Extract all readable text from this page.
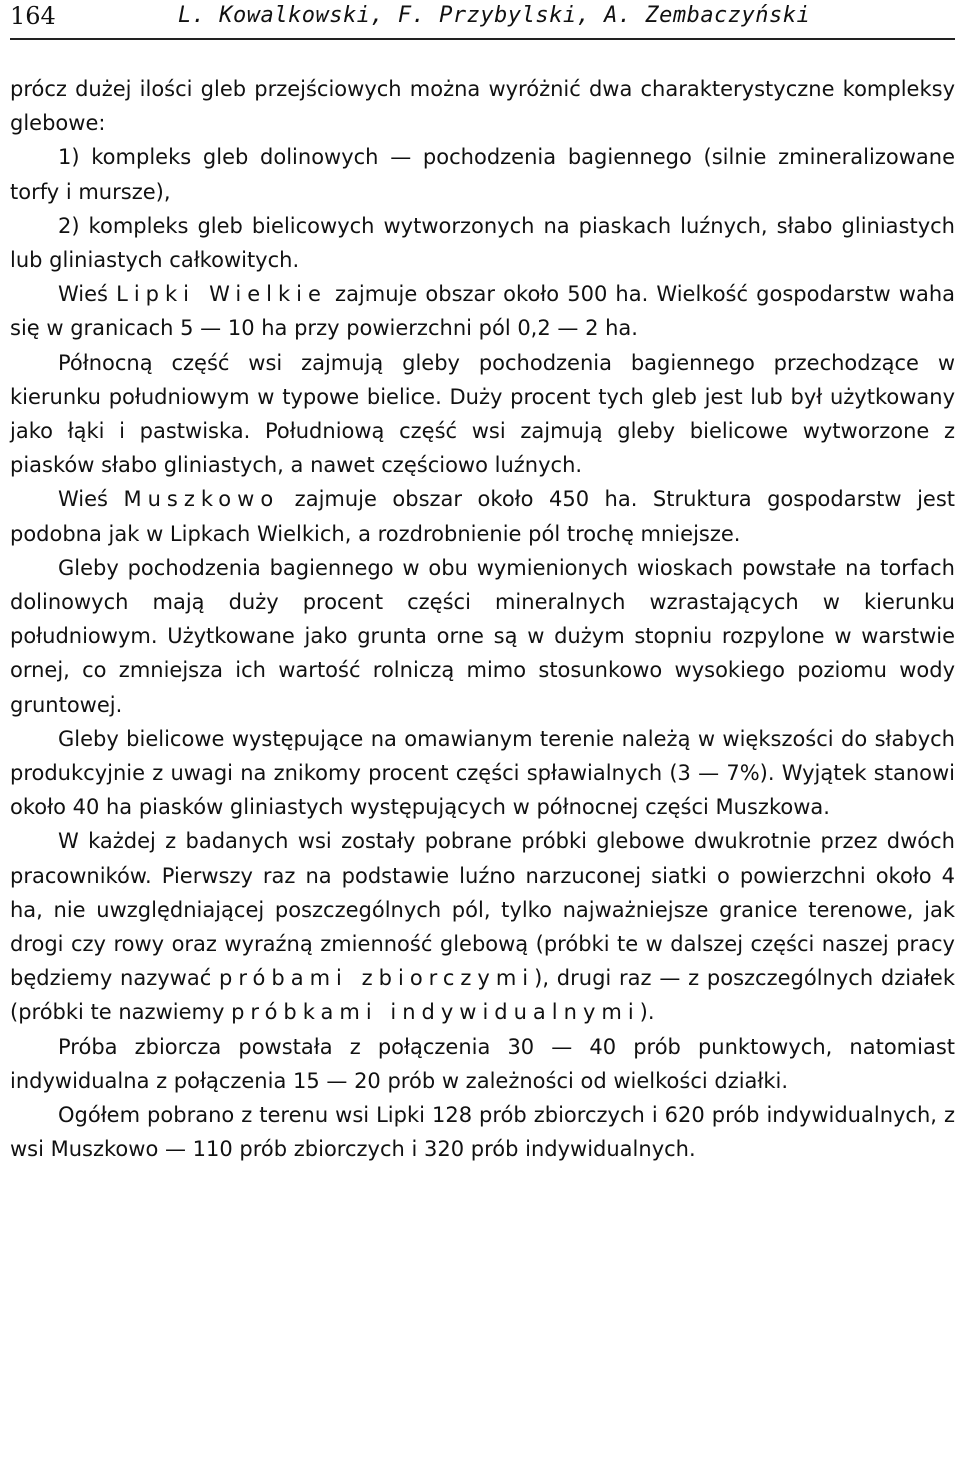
164	L. Kowalkowski, F. Przybylski, A. Zembaczyński

prócz dużej ilości gleb przejściowych można wyróżnić dwa charakterystyczne kompleksy glebowe:

1) kompleks gleb dolinowych — pochodzenia bagiennego (silnie zmineralizowane torfy i mursze),

2) kompleks gleb bielicowych wytworzonych na piaskach luźnych, słabo gliniastych lub gliniastych całkowitych.

Wieś Lipki Wielkie zajmuje obszar około 500 ha. Wielkość gospodarstw waha się w granicach 5 — 10 ha przy powierzchni pól 0,2 — 2 ha.

Północną część wsi zajmują gleby pochodzenia bagiennego przechodzące w kierunku południowym w typowe bielice. Duży procent tych gleb jest lub był użytkowany jako łąki i pastwiska. Południową część wsi zajmują gleby bielicowe wytworzone z piasków słabo gliniastych, a nawet częściowo luźnych.

Wieś Muszkowo zajmuje obszar około 450 ha. Struktura gospodarstw jest podobna jak w Lipkach Wielkich, a rozdrobnienie pól trochę mniejsze.

Gleby pochodzenia bagiennego w obu wymienionych wioskach powstałe na torfach dolinowych mają duży procent części mineralnych wzrastających w kierunku południowym. Użytkowane jako grunta orne są w dużym stopniu rozpylone w warstwie ornej, co zmniejsza ich wartość rolniczą mimo stosunkowo wysokiego poziomu wody gruntowej.

Gleby bielicowe występujące na omawianym terenie należą w większości do słabych produkcyjnie z uwagi na znikomy procent części spławialnych (3 — 7%). Wyjątek stanowi około 40 ha piasków gliniastych występujących w północnej części Muszkowa.

W każdej z badanych wsi zostały pobrane próbki glebowe dwukrotnie przez dwóch pracowników. Pierwszy raz na podstawie luźno narzuconej siatki o powierzchni około 4 ha, nie uwzględniającej poszczególnych pól, tylko najważniejsze granice terenowe, jak drogi czy rowy oraz wyraźną zmienność glebową (próbki te w dalszej części naszej pracy będziemy nazywać próbami zbiorczymi), drugi raz — z poszczególnych działek (próbki te nazwiemy próbkami indywidualnymi).

Próba zbiorcza powstała z połączenia 30 — 40 prób punktowych, natomiast indywidualna z połączenia 15 — 20 prób w zależności od wielkości działki.

Ogółem pobrano z terenu wsi Lipki 128 prób zbiorczych i 620 prób indywidualnych, z wsi Muszkowo — 110 prób zbiorczych i 320 prób indywidualnych.
